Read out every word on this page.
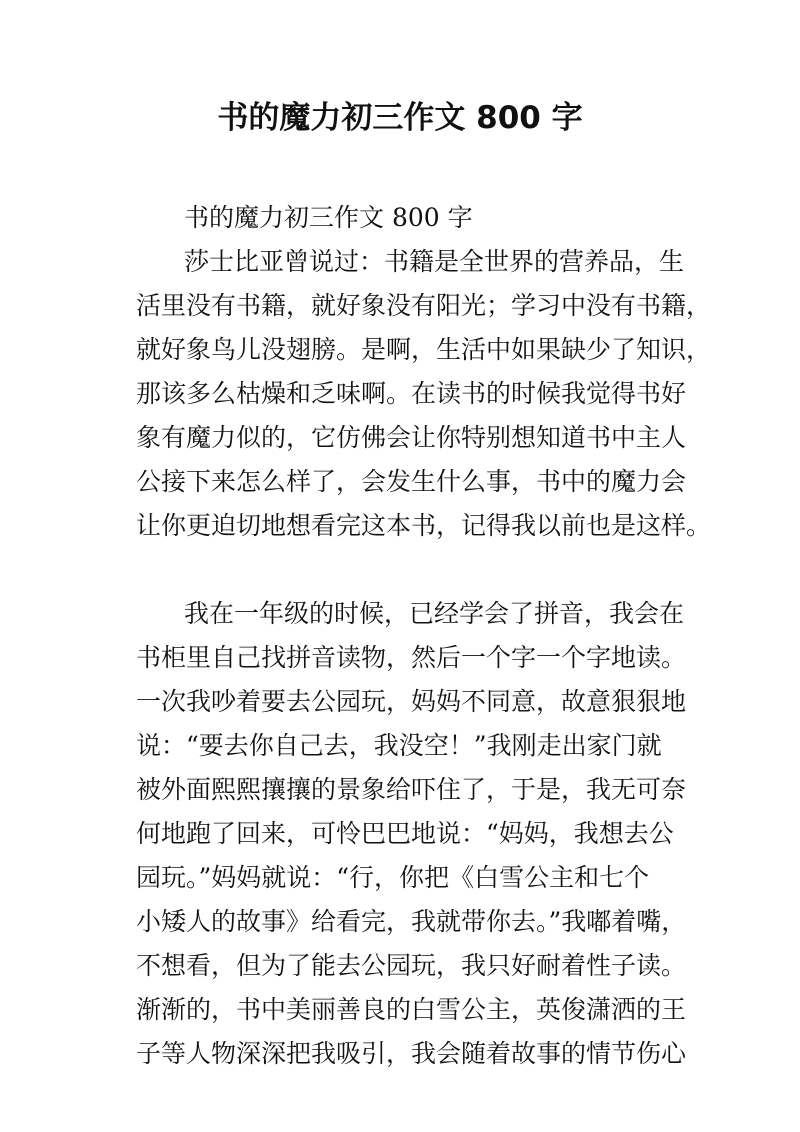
书的魔力初三作文 800 字
书的魔力初三作文 800 字
莎士比亚曾说过：书籍是全世界的营养品，生
活里没有书籍，就好象没有阳光；学习中没有书籍，
就好象鸟儿没翅膀。是啊，生活中如果缺少了知识，
那该多么枯燥和乏味啊。在读书的时候我觉得书好
象有魔力似的，它仿佛会让你特别想知道书中主人
公接下来怎么样了，会发生什么事，书中的魔力会
让你更迫切地想看完这本书，记得我以前也是这样。
我在一年级的时候，已经学会了拼音，我会在
书柜里自己找拼音读物，然后一个字一个字地读。
一次我吵着要去公园玩，妈妈不同意，故意狠狠地
说：“要去你自己去，我没空！”我刚走出家门就
被外面熙熙攘攘的景象给吓住了，于是，我无可奈
何地跑了回来，可怜巴巴地说：“妈妈，我想去公
园玩。”妈妈就说：“行，你把《白雪公主和七个
小矮人的故事》给看完，我就带你去。”我嘟着嘴，
不想看，但为了能去公园玩，我只好耐着性子读。
渐渐的，书中美丽善良的白雪公主，英俊潇洒的王
子等人物深深把我吸引，我会随着故事的情节伤心
